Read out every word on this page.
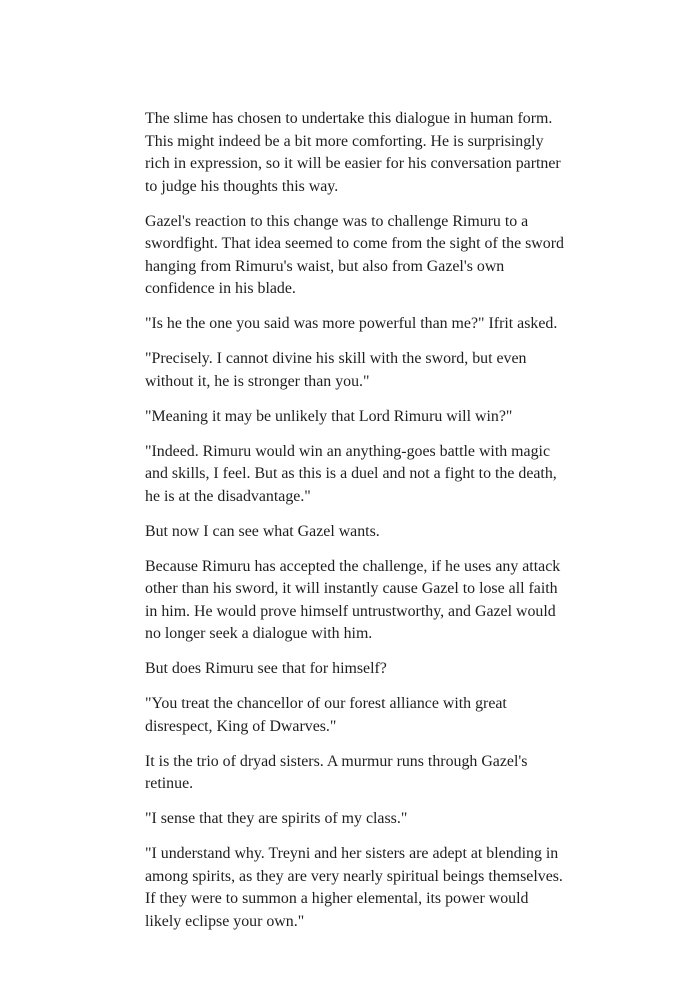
The slime has chosen to undertake this dialogue in human form. This might indeed be a bit more comforting. He is surprisingly rich in expression, so it will be easier for his conversation partner to judge his thoughts this way.

Gazel's reaction to this change was to challenge Rimuru to a swordfight. That idea seemed to come from the sight of the sword hanging from Rimuru's waist, but also from Gazel's own confidence in his blade.

"Is he the one you said was more powerful than me?" Ifrit asked.

"Precisely. I cannot divine his skill with the sword, but even without it, he is stronger than you."

"Meaning it may be unlikely that Lord Rimuru will win?"

"Indeed. Rimuru would win an anything-goes battle with magic and skills, I feel. But as this is a duel and not a fight to the death, he is at the disadvantage."

But now I can see what Gazel wants.

Because Rimuru has accepted the challenge, if he uses any attack other than his sword, it will instantly cause Gazel to lose all faith in him. He would prove himself untrustworthy, and Gazel would no longer seek a dialogue with him.

But does Rimuru see that for himself?

"You treat the chancellor of our forest alliance with great disrespect, King of Dwarves."

It is the trio of dryad sisters. A murmur runs through Gazel's retinue.

"I sense that they are spirits of my class."

"I understand why. Treyni and her sisters are adept at blending in among spirits, as they are very nearly spiritual beings themselves. If they were to summon a higher elemental, its power would likely eclipse your own."
